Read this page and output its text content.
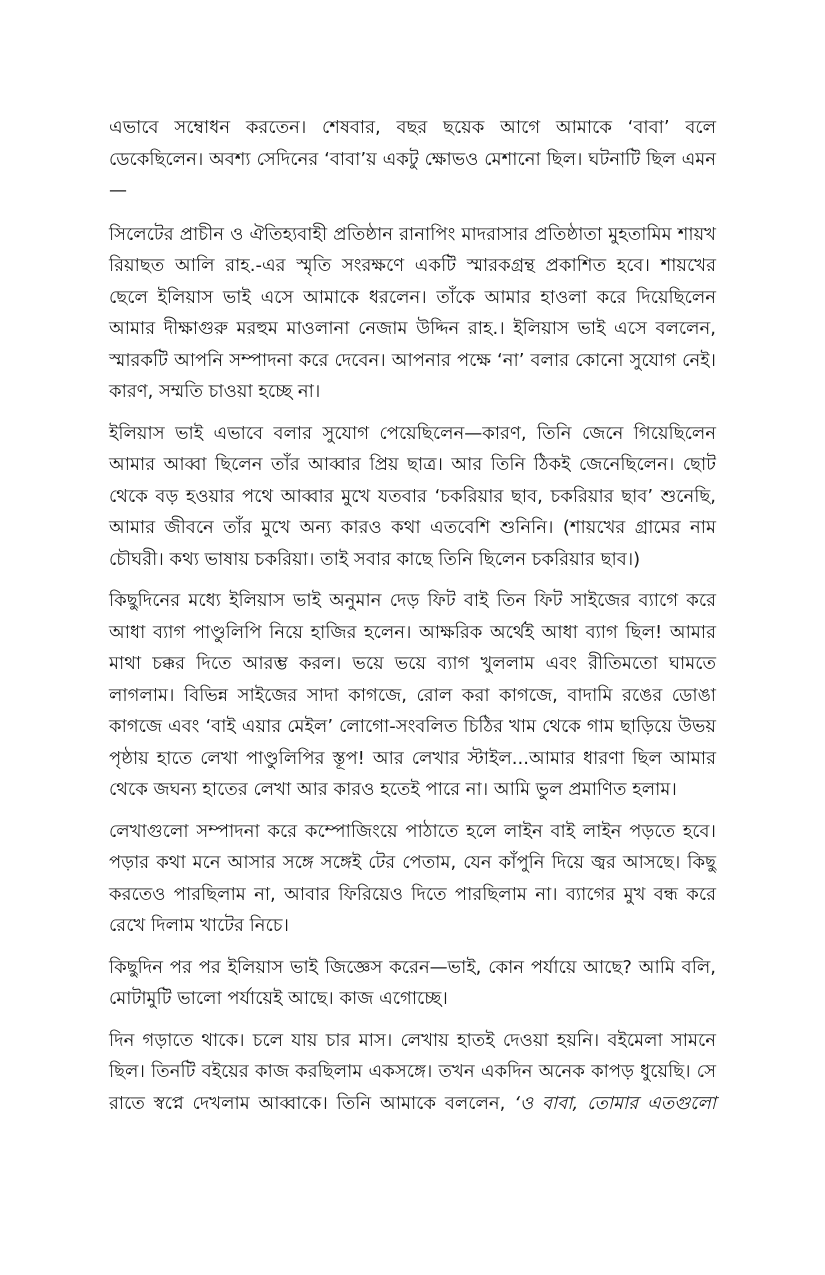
এভাবে সম্বোধন করতেন। শেষবার, বছর ছয়েক আগে আমাকে ‘বাবা’ বলে ডেকেছিলেন। অবশ্য সেদিনের ‘বাবা’য় একটু ক্ষোভও মেশানো ছিল। ঘটনাটি ছিল এমন—

সিলেটের প্রাচীন ও ঐতিহ্যবাহী প্রতিষ্ঠান রানাপিং মাদরাসার প্রতিষ্ঠাতা মুহতামিম শায়খ রিয়াছত আলি রাহ.-এর স্মৃতি সংরক্ষণে একটি স্মারকগ্রন্থ প্রকাশিত হবে। শায়খের ছেলে ইলিয়াস ভাই এসে আমাকে ধরলেন। তাঁকে আমার হাওলা করে দিয়েছিলেন আমার দীক্ষাগুরু মরহুম মাওলানা নেজাম উদ্দিন রাহ.। ইলিয়াস ভাই এসে বললেন, স্মারকটি আপনি সম্পাদনা করে দেবেন। আপনার পক্ষে ‘না’ বলার কোনো সুযোগ নেই। কারণ, সম্মতি চাওয়া হচ্ছে না।

ইলিয়াস ভাই এভাবে বলার সুযোগ পেয়েছিলেন—কারণ, তিনি জেনে গিয়েছিলেন আমার আব্বা ছিলেন তাঁর আব্বার প্রিয় ছাত্র। আর তিনি ঠিকই জেনেছিলেন। ছোট থেকে বড় হওয়ার পথে আব্বার মুখে যতবার ‘চকরিয়ার ছাব, চকরিয়ার ছাব’ শুনেছি, আমার জীবনে তাঁর মুখে অন্য কারও কথা এতবেশি শুনিনি। (শায়খের গ্রামের নাম চৌঘরী। কথ্য ভাষায় চকরিয়া। তাই সবার কাছে তিনি ছিলেন চকরিয়ার ছাব।)

কিছুদিনের মধ্যে ইলিয়াস ভাই অনুমান দেড় ফিট বাই তিন ফিট সাইজের ব্যাগে করে আধা ব্যাগ পাণ্ডুলিপি নিয়ে হাজির হলেন। আক্ষরিক অর্থেই আধা ব্যাগ ছিল! আমার মাথা চক্কর দিতে আরম্ভ করল। ভয়ে ভয়ে ব্যাগ খুললাম এবং রীতিমতো ঘামতে লাগলাম। বিভিন্ন সাইজের সাদা কাগজে, রোল করা কাগজে, বাদামি রঙের ডোঙা কাগজে এবং ‘বাই এয়ার মেইল’ লোগো-সংবলিত চিঠির খাম থেকে গাম ছাড়িয়ে উভয় পৃষ্ঠায় হাতে লেখা পাণ্ডুলিপির স্তূপ! আর লেখার স্টাইল...আমার ধারণা ছিল আমার থেকে জঘন্য হাতের লেখা আর কারও হতেই পারে না। আমি ভুল প্রমাণিত হলাম।

লেখাগুলো সম্পাদনা করে কম্পোজিংয়ে পাঠাতে হলে লাইন বাই লাইন পড়তে হবে। পড়ার কথা মনে আসার সঙ্গে সঙ্গেই টের পেতাম, যেন কাঁপুনি দিয়ে জ্বর আসছে। কিছু করতেও পারছিলাম না, আবার ফিরিয়েও দিতে পারছিলাম না। ব্যাগের মুখ বন্ধ করে রেখে দিলাম খাটের নিচে।

কিছুদিন পর পর ইলিয়াস ভাই জিজ্ঞেস করেন—ভাই, কোন পর্যায়ে আছে? আমি বলি, মোটামুটি ভালো পর্যায়েই আছে। কাজ এগোচ্ছে।

দিন গড়াতে থাকে। চলে যায় চার মাস। লেখায় হাতই দেওয়া হয়নি। বইমেলা সামনে ছিল। তিনটি বইয়ের কাজ করছিলাম একসঙ্গে। তখন একদিন অনেক কাপড় ধুয়েছি। সে রাতে স্বপ্নে দেখলাম আব্বাকে। তিনি আমাকে বললেন, ‘ও বাবা, তোমার এতগুলো
